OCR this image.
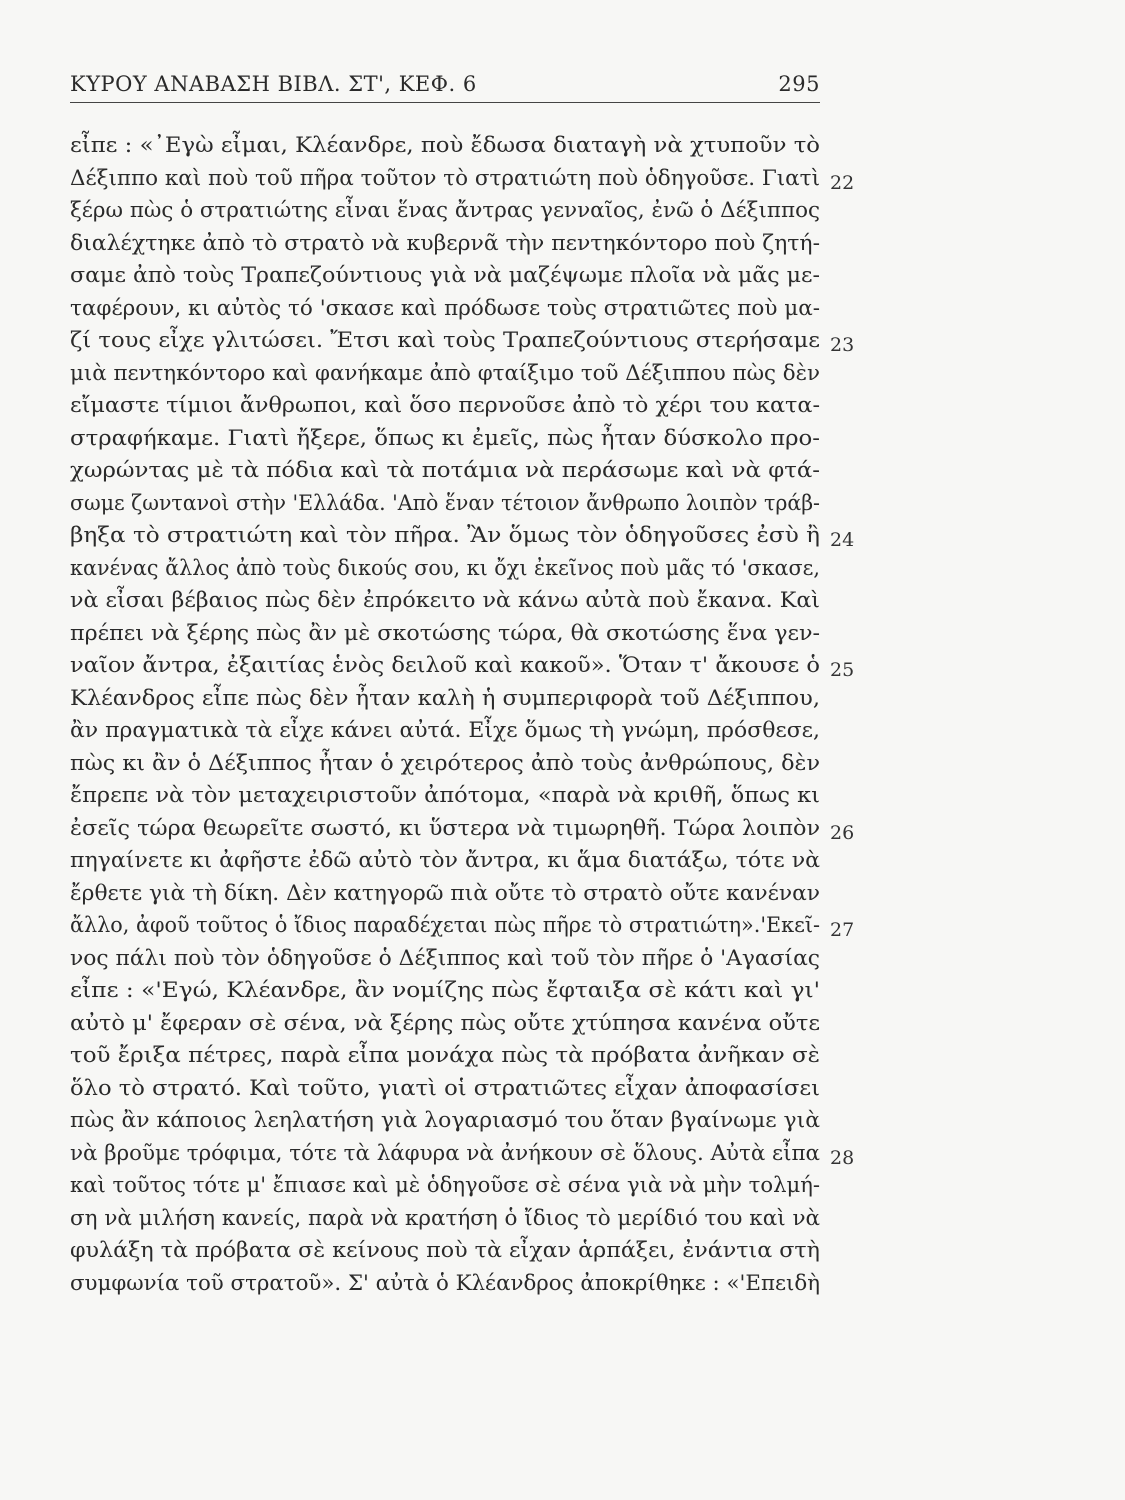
ΚΥΡΟΥ ΑΝΑΒΑΣΗ ΒΙΒΛ. ΣΤ', ΚΕΦ. 6	295
εἶπε : «᾿Εγὼ εἶμαι, Κλέανδρε, ποὺ ἔδωσα διαταγὴ νὰ χτυποῦν τὸ
Δέξιππο καὶ ποὺ τοῦ πῆρα τοῦτον τὸ στρατιώτη ποὺ ὁδηγοῦσε. Γιατὶ 22
ξέρω πὼς ὁ στρατιώτης εἶναι ἕνας ἄντρας γενναῖος, ἐνῶ ὁ Δέξιππος
διαλέχτηκε ἀπὸ τὸ στρατὸ νὰ κυβερνᾶ τὴν πεντηκόντορο ποὺ ζητή-
σαμε ἀπὸ τοὺς Τραπεζούντιους γιὰ νὰ μαζέψωμε πλοῖα νὰ μᾶς με-
ταφέρουν, κι αὐτὸς τό 'σκασε καὶ πρόδωσε τοὺς στρατιῶτες ποὺ μα-
ζί τους εἶχε γλιτώσει. Ἔτσι καὶ τοὺς Τραπεζούντιους στερήσαμε 23
μιὰ πεντηκόντορο καὶ φανήκαμε ἀπὸ φταίξιμο τοῦ Δέξιππου πὼς δὲν
εἴμαστε τίμιοι ἄνθρωποι, καὶ ὅσο περνοῦσε ἀπὸ τὸ χέρι του κατα-
στραφήκαμε. Γιατὶ ἤξερε, ὅπως κι ἐμεῖς, πὼς ἦταν δύσκολο προ-
χωρώντας μὲ τὰ πόδια καὶ τὰ ποτάμια νὰ περάσωμε καὶ νὰ φτά-
σωμε ζωντανοὶ στὴν 'Ελλάδα. 'Απὸ ἕναν τέτοιον ἄνθρωπο λοιπὸν τράβ-
βηξα τὸ στρατιώτη καὶ τὸν πῆρα. Ἂν ὅμως τὸν ὁδηγοῦσες ἐσὺ ἢ 24
κανένας ἄλλος ἀπὸ τοὺς δικούς σου, κι ὄχι ἐκεῖνος ποὺ μᾶς τό 'σκασε,
νὰ εἶσαι βέβαιος πὼς δὲν ἐπρόκειτο νὰ κάνω αὐτὰ ποὺ ἔκανα. Καὶ
πρέπει νὰ ξέρης πὼς ἂν μὲ σκοτώσης τώρα, θὰ σκοτώσης ἕνα γεν-
ναῖον ἄντρα, ἐξαιτίας ἑνὸς δειλοῦ καὶ κακοῦ». Ὅταν τ' ἄκουσε ὁ 25
Κλέανδρος εἶπε πὼς δὲν ἦταν καλὴ ἡ συμπεριφορὰ τοῦ Δέξιππου,
ἂν πραγματικὰ τὰ εἶχε κάνει αὐτά. Εἶχε ὅμως τὴ γνώμη, πρόσθεσε,
πὼς κι ἂν ὁ Δέξιππος ἦταν ὁ χειρότερος ἀπὸ τοὺς ἀνθρώπους, δὲν
ἔπρεπε νὰ τὸν μεταχειριστοῦν ἀπότομα, «παρὰ νὰ κριθῆ, ὅπως κι
ἐσεῖς τώρα θεωρεῖτε σωστό, κι ὕστερα νὰ τιμωρηθῆ. Τώρα λοιπὸν 26
πηγαίνετε κι ἀφῆστε ἐδῶ αὐτὸ τὸν ἄντρα, κι ἅμα διατάξω, τότε νὰ
ἔρθετε γιὰ τὴ δίκη. Δὲν κατηγορῶ πιὰ οὔτε τὸ στρατὸ οὔτε κανέναν
ἄλλο, ἀφοῦ τοῦτος ὁ ἴδιος παραδέχεται πὼς πῆρε τὸ στρατιώτη».'Εκεῖ- 27
νος πάλι ποὺ τὸν ὁδηγοῦσε ὁ Δέξιππος καὶ τοῦ τὸν πῆρε ὁ 'Αγασίας
εἶπε : «'Εγώ, Κλέανδρε, ἂν νομίζης πὼς ἔφταιξα σὲ κάτι καὶ γι'
αὐτὸ μ' ἔφεραν σὲ σένα, νὰ ξέρης πὼς οὔτε χτύπησα κανένα οὔτε
τοῦ ἔριξα πέτρες, παρὰ εἶπα μονάχα πὼς τὰ πρόβατα ἀνῆκαν σὲ
ὅλο τὸ στρατό. Καὶ τοῦτο, γιατὶ οἱ στρατιῶτες εἶχαν ἀποφασίσει
πὼς ἂν κάποιος λεηλατήση γιὰ λογαριασμό του ὅταν βγαίνωμε γιὰ
νὰ βροῦμε τρόφιμα, τότε τὰ λάφυρα νὰ ἀνήκουν σὲ ὅλους. Αὐτὰ εἶπα 28
καὶ τοῦτος τότε μ' ἔπιασε καὶ μὲ ὁδηγοῦσε σὲ σένα γιὰ νὰ μὴν τολμή-
ση νὰ μιλήση κανείς, παρὰ νὰ κρατήση ὁ ἴδιος τὸ μερίδιό του καὶ νὰ
φυλάξη τὰ πρόβατα σὲ κείνους ποὺ τὰ εἶχαν ἁρπάξει, ἐνάντια στὴ
συμφωνία τοῦ στρατοῦ». Σ' αὐτὰ ὁ Κλέανδρος ἀποκρίθηκε : «'Επειδὴ
